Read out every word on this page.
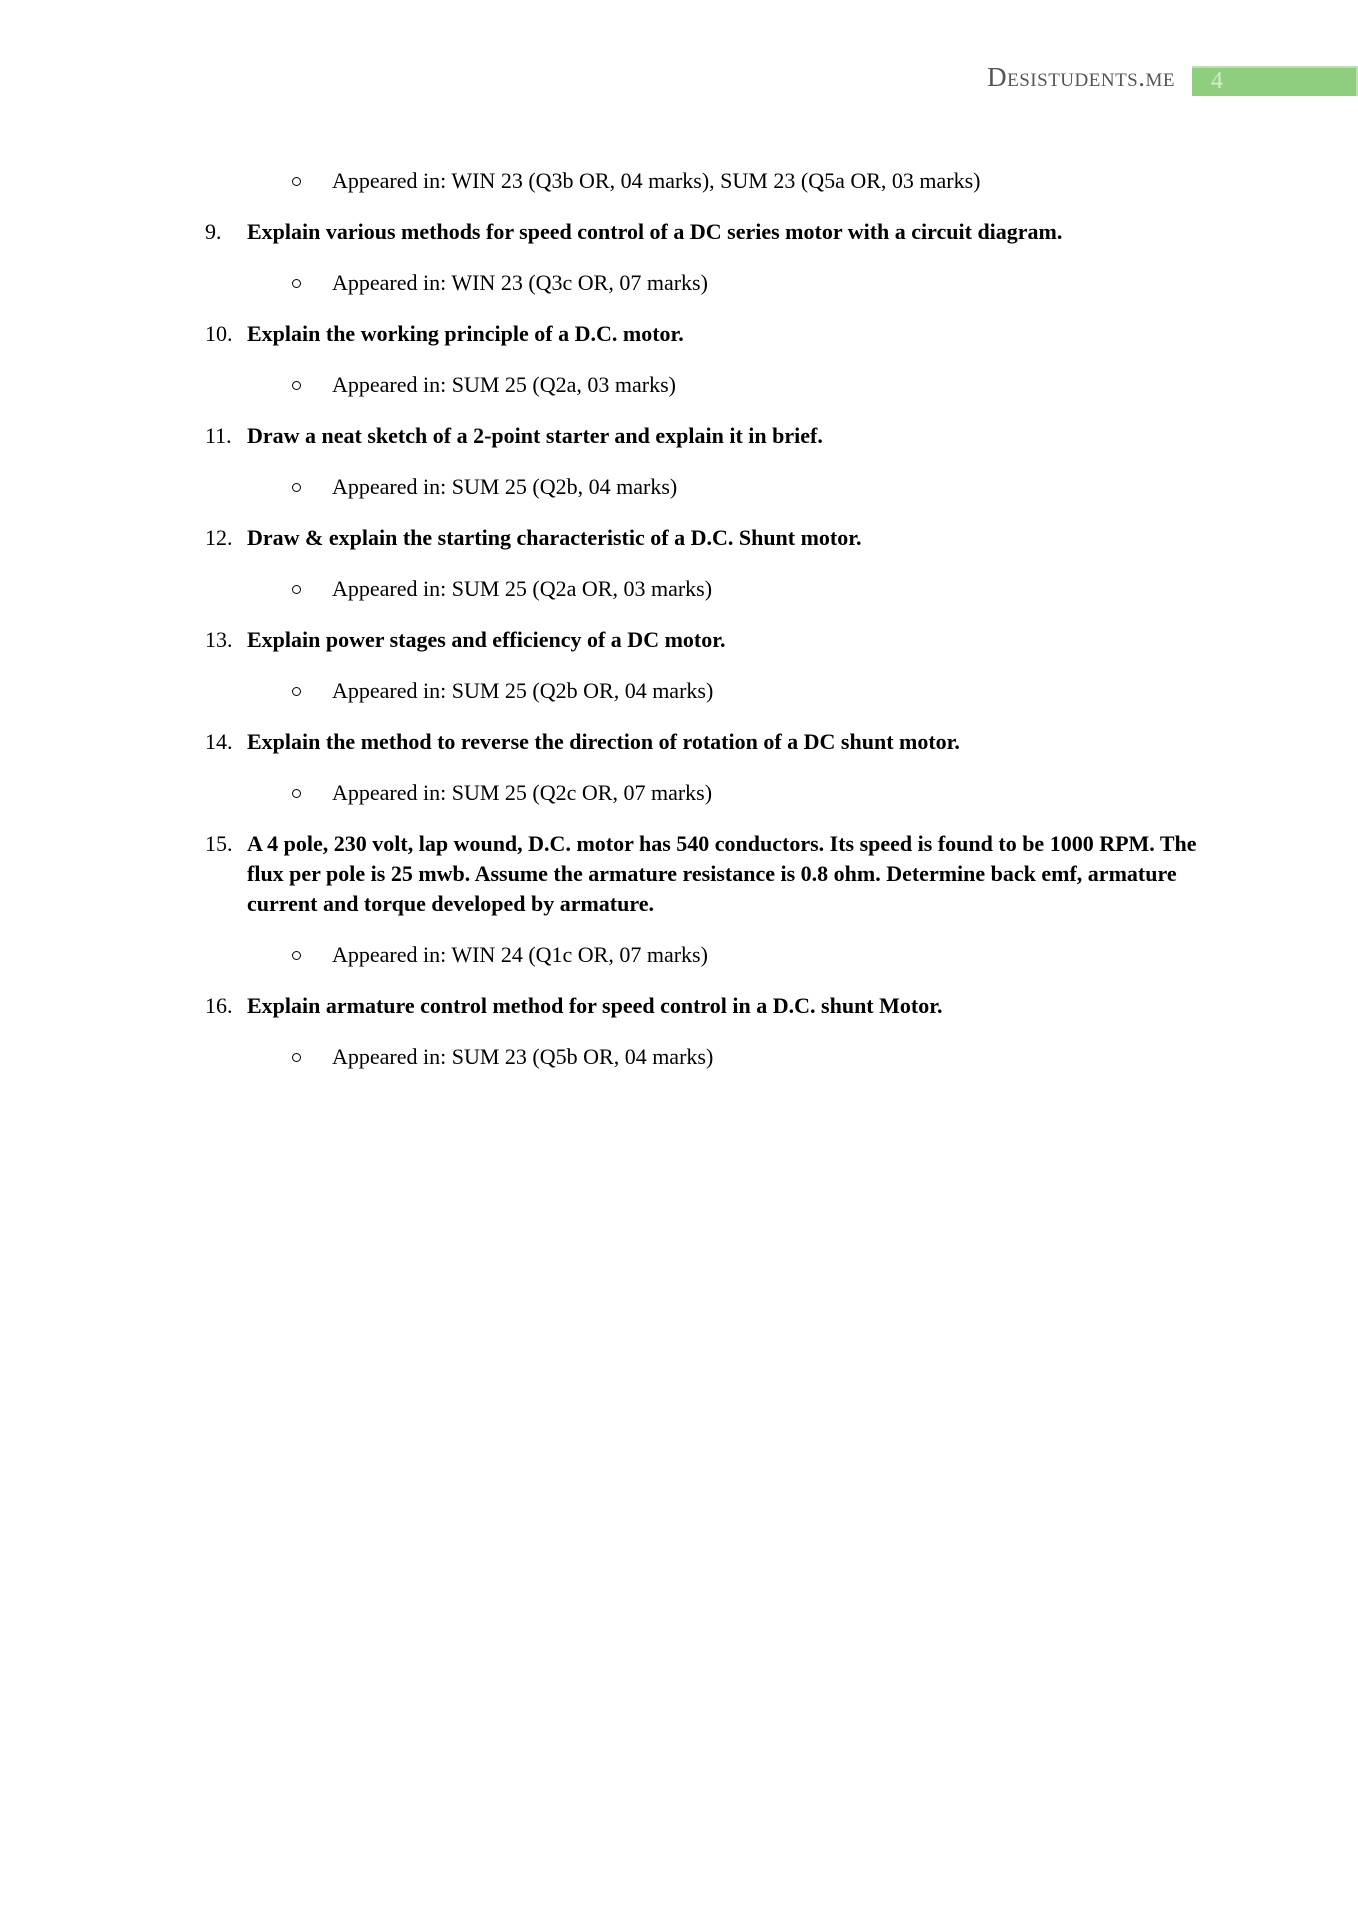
Desistudents.me	4
Appeared in: WIN 23 (Q3b OR, 04 marks), SUM 23 (Q5a OR, 03 marks)
9. Explain various methods for speed control of a DC series motor with a circuit diagram.
Appeared in: WIN 23 (Q3c OR, 07 marks)
10. Explain the working principle of a D.C. motor.
Appeared in: SUM 25 (Q2a, 03 marks)
11. Draw a neat sketch of a 2-point starter and explain it in brief.
Appeared in: SUM 25 (Q2b, 04 marks)
12. Draw & explain the starting characteristic of a D.C. Shunt motor.
Appeared in: SUM 25 (Q2a OR, 03 marks)
13. Explain power stages and efficiency of a DC motor.
Appeared in: SUM 25 (Q2b OR, 04 marks)
14. Explain the method to reverse the direction of rotation of a DC shunt motor.
Appeared in: SUM 25 (Q2c OR, 07 marks)
15. A 4 pole, 230 volt, lap wound, D.C. motor has 540 conductors. Its speed is found to be 1000 RPM. The flux per pole is 25 mwb. Assume the armature resistance is 0.8 ohm. Determine back emf, armature current and torque developed by armature.
Appeared in: WIN 24 (Q1c OR, 07 marks)
16. Explain armature control method for speed control in a D.C. shunt Motor.
Appeared in: SUM 23 (Q5b OR, 04 marks)
